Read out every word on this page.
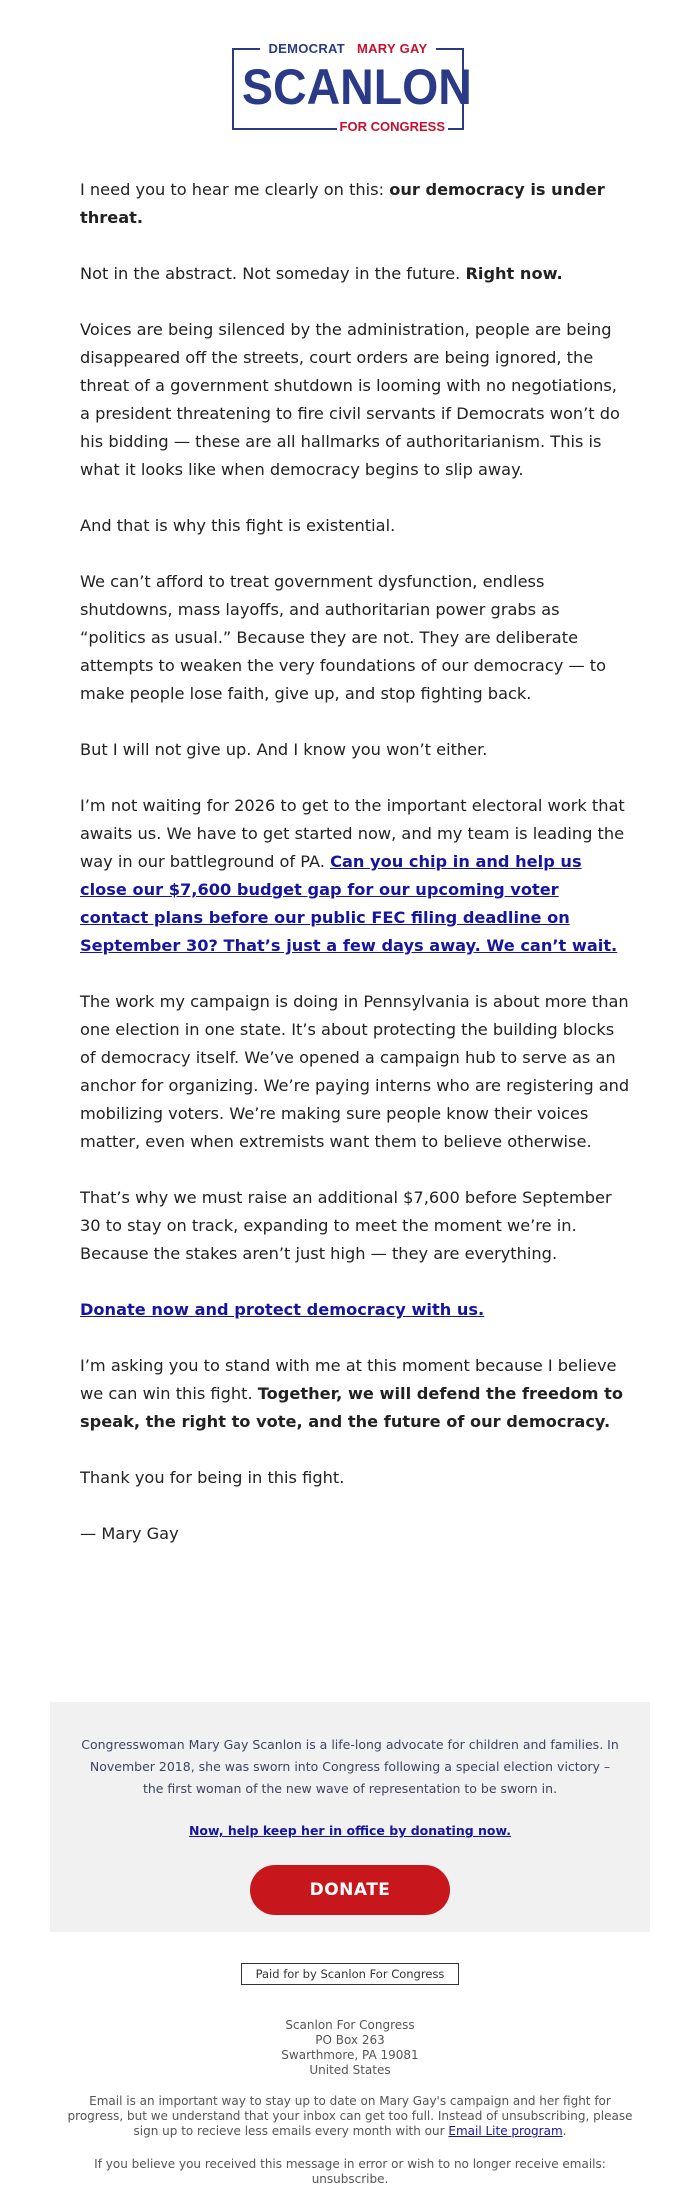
DEMOCRAT MARY GAY
SCANLON
FOR CONGRESS

I need you to hear me clearly on this: our democracy is under threat.

Not in the abstract. Not someday in the future. Right now.

Voices are being silenced by the administration, people are being disappeared off the streets, court orders are being ignored, the threat of a government shutdown is looming with no negotiations, a president threatening to fire civil servants if Democrats won’t do his bidding — these are all hallmarks of authoritarianism. This is what it looks like when democracy begins to slip away.

And that is why this fight is existential.

We can’t afford to treat government dysfunction, endless shutdowns, mass layoffs, and authoritarian power grabs as “politics as usual.” Because they are not. They are deliberate attempts to weaken the very foundations of our democracy — to make people lose faith, give up, and stop fighting back.

But I will not give up. And I know you won’t either.

I’m not waiting for 2026 to get to the important electoral work that awaits us. We have to get started now, and my team is leading the way in our battleground of PA. Can you chip in and help us close our $7,600 budget gap for our upcoming voter contact plans before our public FEC filing deadline on September 30? That’s just a few days away. We can’t wait.

The work my campaign is doing in Pennsylvania is about more than one election in one state. It’s about protecting the building blocks of democracy itself. We’ve opened a campaign hub to serve as an anchor for organizing. We’re paying interns who are registering and mobilizing voters. We’re making sure people know their voices matter, even when extremists want them to believe otherwise.

That’s why we must raise an additional $7,600 before September 30 to stay on track, expanding to meet the moment we’re in. Because the stakes aren’t just high — they are everything.

Donate now and protect democracy with us.

I’m asking you to stand with me at this moment because I believe we can win this fight. Together, we will defend the freedom to speak, the right to vote, and the future of our democracy.

Thank you for being in this fight.

— Mary Gay

Congresswoman Mary Gay Scanlon is a life-long advocate for children and families. In November 2018, she was sworn into Congress following a special election victory – the first woman of the new wave of representation to be sworn in.
Now, help keep her in office by donating now.
DONATE
Paid for by Scanlon For Congress
Scanlon For Congress
PO Box 263
Swarthmore, PA 19081
United States
Email is an important way to stay up to date on Mary Gay's campaign and her fight for progress, but we understand that your inbox can get too full. Instead of unsubscribing, please sign up to recieve less emails every month with our Email Lite program.
If you believe you received this message in error or wish to no longer receive emails: unsubscribe.
